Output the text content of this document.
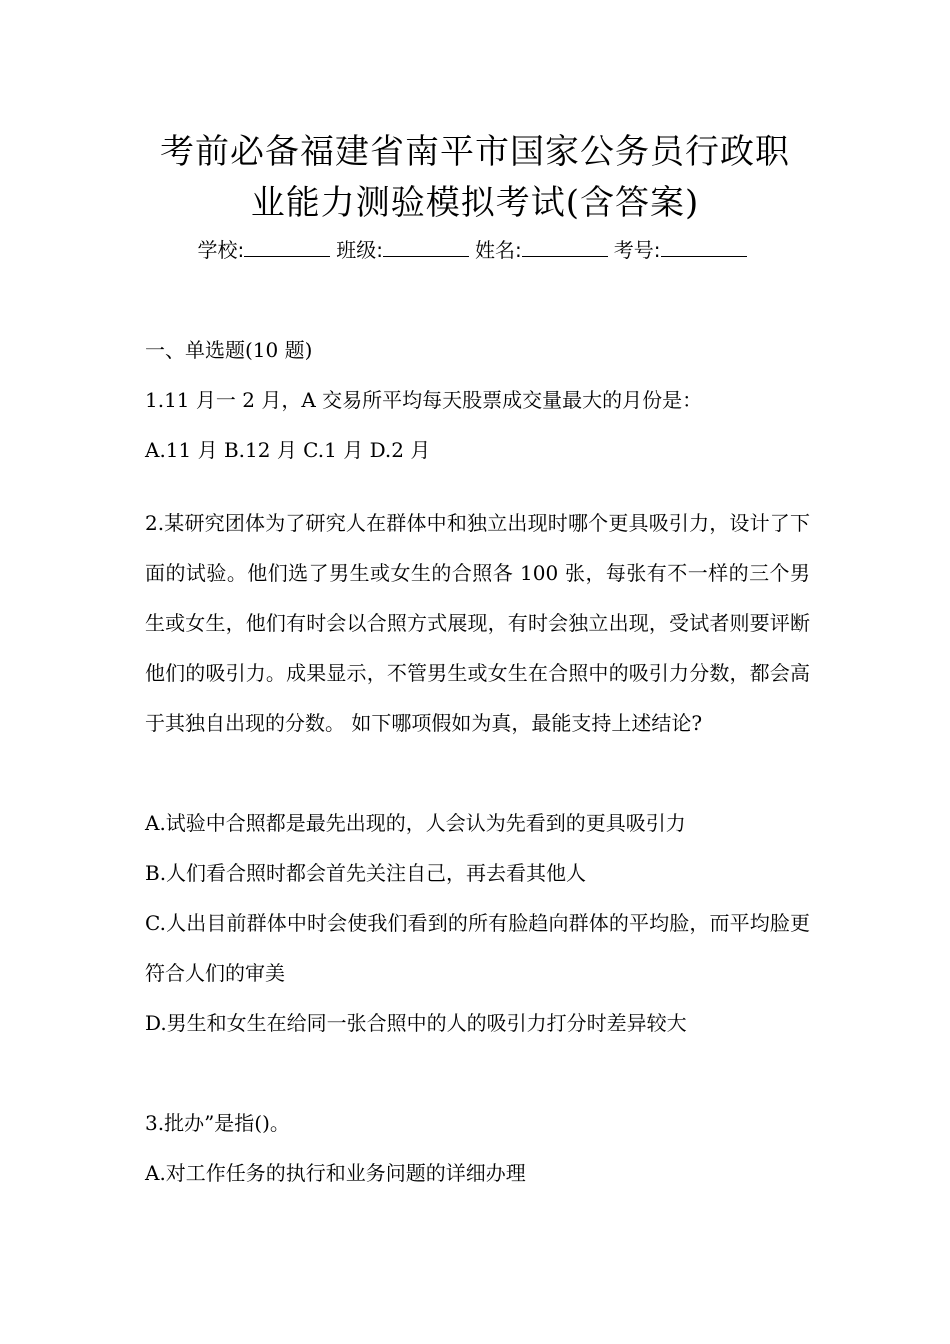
考前必备福建省南平市国家公务员行政职
业能力测验模拟考试(含答案)
学校:	班级:	姓名:	考号:
一、单选题(10 题)
1.11 月一 2 月，A 交易所平均每天股票成交量最大的月份是：
A.11 月 B.12 月 C.1 月 D.2 月
2.某研究团体为了研究人在群体中和独立出现时哪个更具吸引力，设计了下面的试验。他们选了男生或女生的合照各 100 张，每张有不一样的三个男生或女生，他们有时会以合照方式展现，有时会独立出现，受试者则要评断他们的吸引力。成果显示，不管男生或女生在合照中的吸引力分数，都会高于其独自出现的分数。 如下哪项假如为真，最能支持上述结论?
A.试验中合照都是最先出现的，人会认为先看到的更具吸引力
B.人们看合照时都会首先关注自己，再去看其他人
C.人出目前群体中时会使我们看到的所有脸趋向群体的平均脸，而平均脸更符合人们的审美
D.男生和女生在给同一张合照中的人的吸引力打分时差异较大
3.批办”是指()。
A.对工作任务的执行和业务问题的详细办理
